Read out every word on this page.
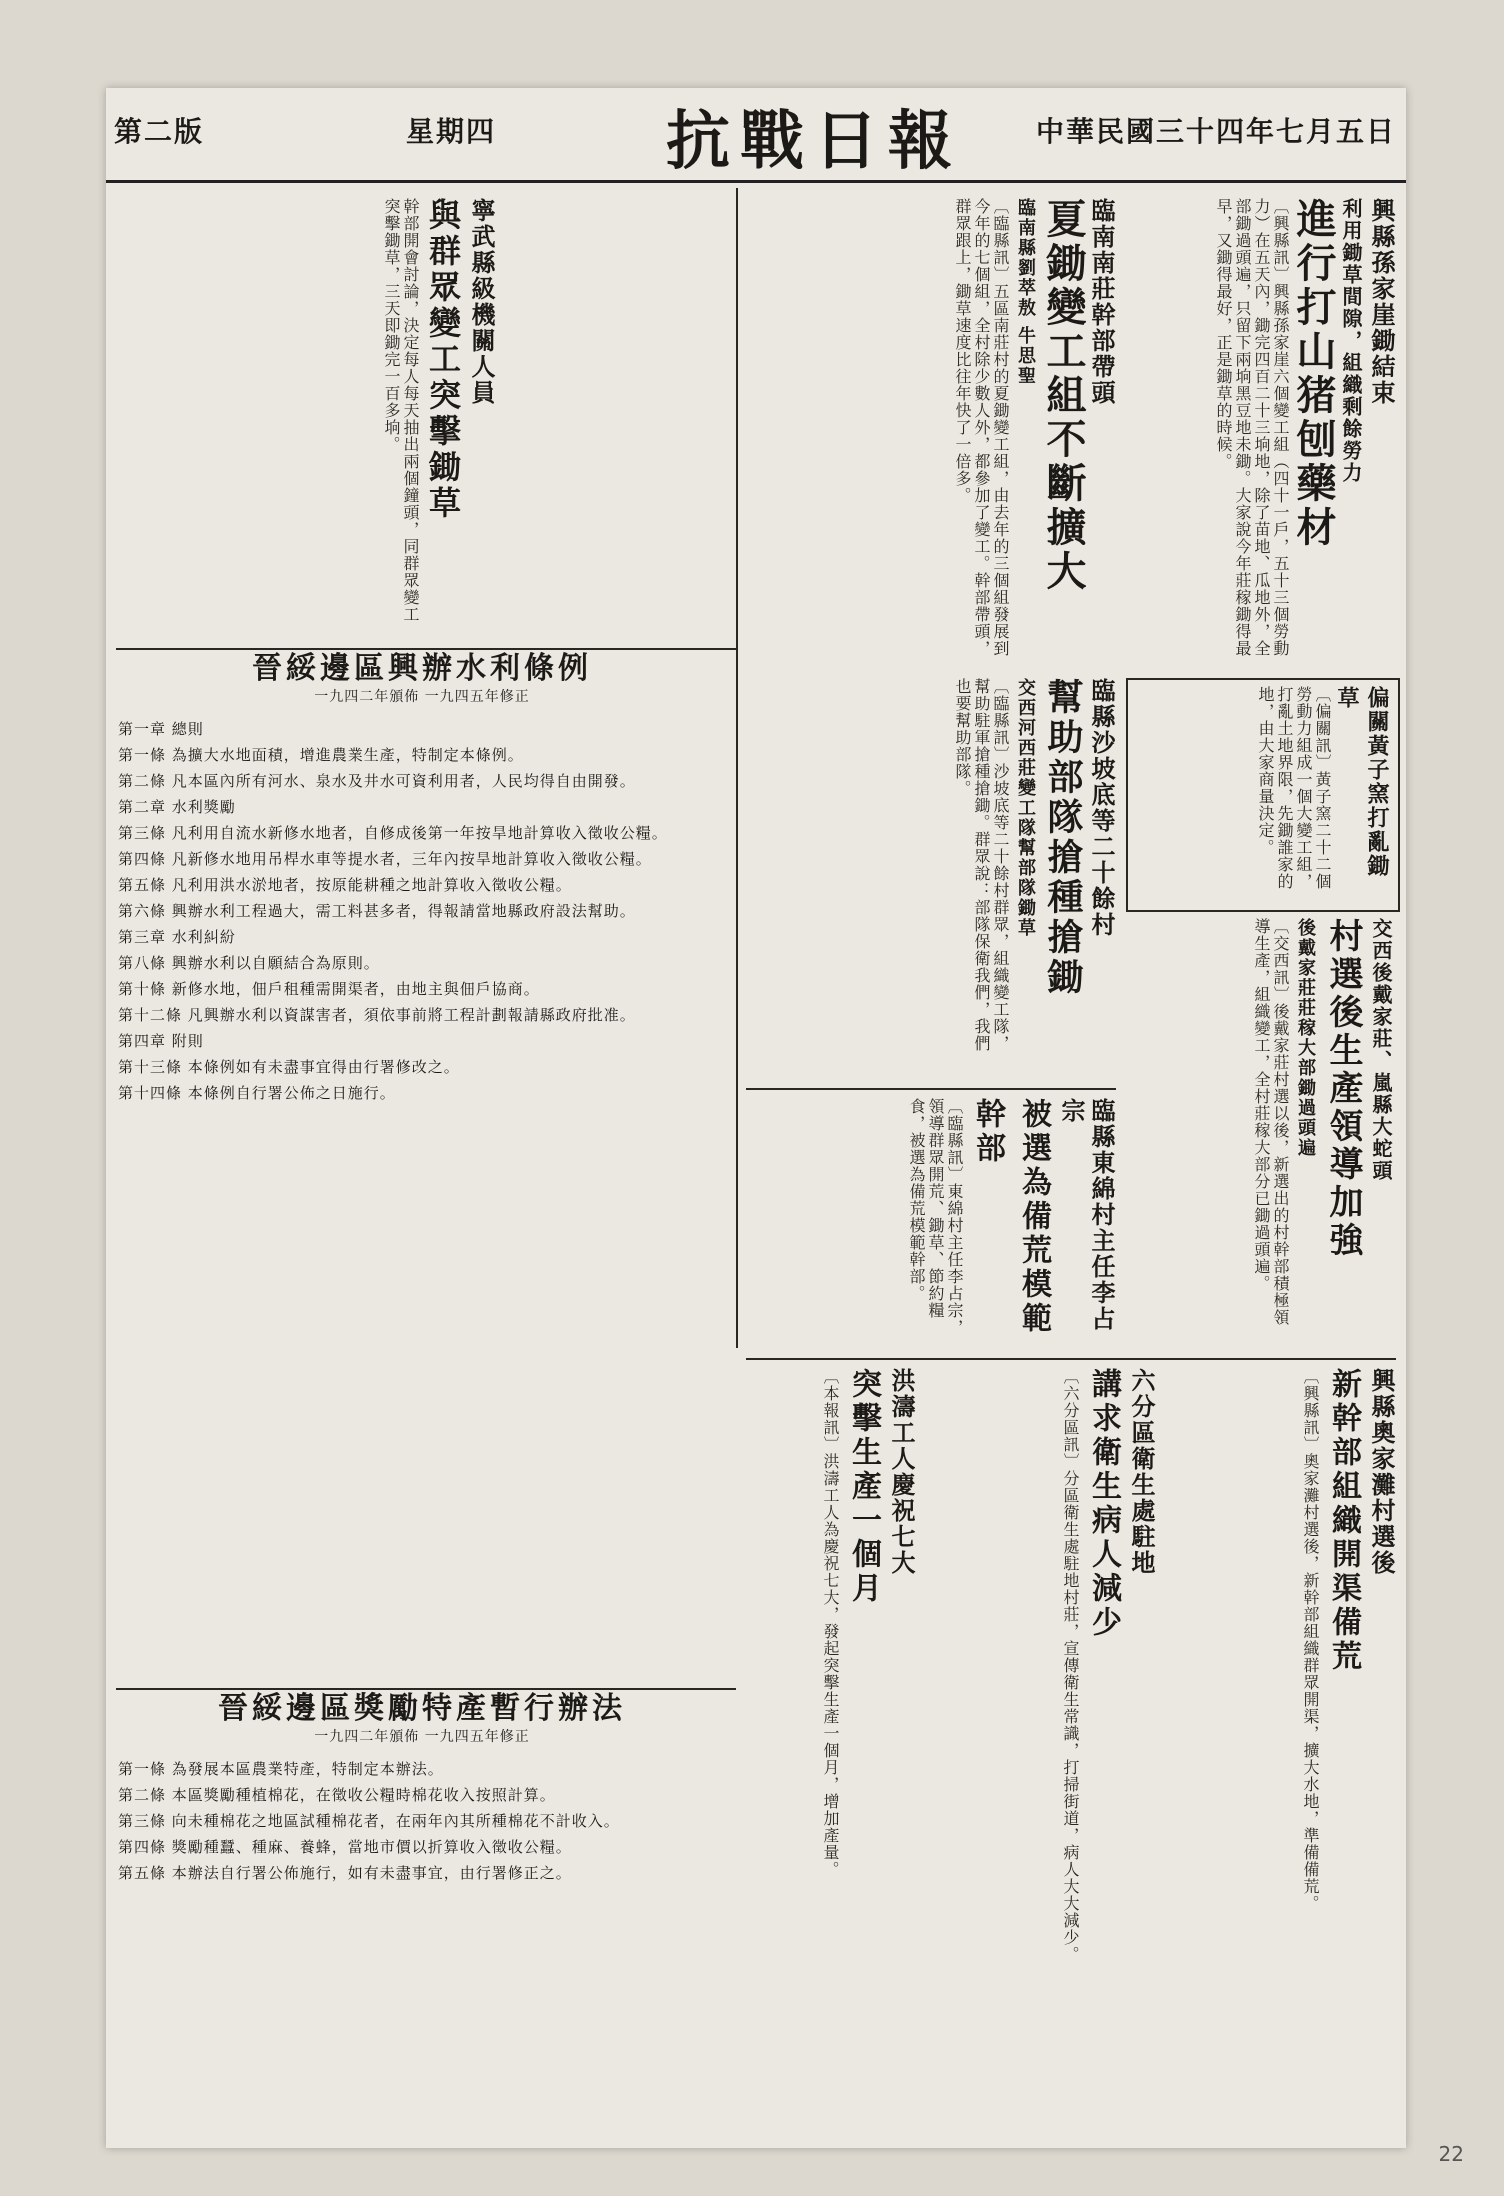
中華民國三十四年七月五日
抗戰日報
星期四
第二版
興縣孫家崖鋤結束
利用鋤草間隙，組織剩餘勞力
進行打山猪刨藥材
〔興縣訊〕興縣孫家崖六個變工組（四十一戶，五十三個勞動力）在五天內，鋤完四百二十三垧地，除了苗地、瓜地外，全部鋤過頭遍，只留下兩垧黑豆地未鋤。大家說今年莊稼鋤得最早，又鋤得最好，正是鋤草的時候。
臨南南莊幹部帶頭
夏鋤變工組不斷擴大
臨南縣劉萃敖 牛思聖
〔臨縣訊〕五區南莊村的夏鋤變工組，由去年的三個組發展到今年的七個組，全村除少數人外，都參加了變工。幹部帶頭，群眾跟上，鋤草速度比往年快了一倍多。
寧武縣級機關人員
與群眾變工突擊鋤草
幹部開會討論，決定每人每天抽出兩個鐘頭，同群眾變工突擊鋤草，三天即鋤完一百多垧。
晉綏邊區興辦水利條例
一九四二年頒佈 一九四五年修正

第一章 總則

第一條 為擴大水地面積，增進農業生產，特制定本條例。

第二條 凡本區內所有河水、泉水及井水可資利用者，人民均得自由開發。

第二章 水利獎勵

第三條 凡利用自流水新修水地者，自修成後第一年按旱地計算收入徵收公糧。

第四條 凡新修水地用吊桿水車等提水者，三年內按旱地計算收入徵收公糧。

第五條 凡利用洪水淤地者，按原能耕種之地計算收入徵收公糧。

第六條 興辦水利工程過大，需工料甚多者，得報請當地縣政府設法幫助。

第三章 水利糾紛

第八條 興辦水利以自願結合為原則。

第十條 新修水地，佃戶租種需開渠者，由地主與佃戶協商。

第十二條 凡興辦水利以資謀害者，須依事前將工程計劃報請縣政府批准。

第四章 附則

第十三條 本條例如有未盡事宜得由行署修改之。

第十四條 本條例自行署公佈之日施行。

晉綏邊區獎勵特產暫行辦法
一九四二年頒佈 一九四五年修正

第一條 為發展本區農業特產，特制定本辦法。

第二條 本區獎勵種植棉花，在徵收公糧時棉花收入按照計算。

第三條 向未種棉花之地區試種棉花者，在兩年內其所種棉花不計收入。

第四條 獎勵種蠶、種麻、養蜂，當地市價以折算收入徵收公糧。

第五條 本辦法自行署公佈施行，如有未盡事宜，由行署修正之。

臨縣沙坡底等二十餘村
幫助部隊搶種搶鋤
交西河西莊變工隊幫部隊鋤草
〔臨縣訊〕沙坡底等二十餘村群眾，組織變工隊，幫助駐軍搶種搶鋤。群眾說：部隊保衛我們，我們也要幫助部隊。	偏關黃子窯打亂鋤草
〔偏關訊〕黃子窯二十二個勞動力組成一個大變工組，打亂土地界限，先鋤誰家的地，由大家商量決定。
交西後戴家莊、嵐縣大蛇頭
村選後生產領導加強
後戴家莊莊稼大部鋤過頭遍
〔交西訊〕後戴家莊村選以後，新選出的村幹部積極領導生產，組織變工，全村莊稼大部分已鋤過頭遍。
臨縣東綿村主任李占宗
被選為備荒模範幹部
〔臨縣訊〕東綿村主任李占宗，領導群眾開荒、鋤草、節約糧食，被選為備荒模範幹部。
六分區衛生處駐地
講求衛生病人減少
〔六分區訊〕分區衛生處駐地村莊，宣傳衛生常識，打掃街道，病人大大減少。	興縣奧家灘村選後
新幹部組織開渠備荒
〔興縣訊〕奧家灘村選後，新幹部組織群眾開渠，擴大水地，準備備荒。
洪濤工人慶祝七大
突擊生產一個月
〔本報訊〕洪濤工人為慶祝七大，發起突擊生產一個月，增加產量。
22
